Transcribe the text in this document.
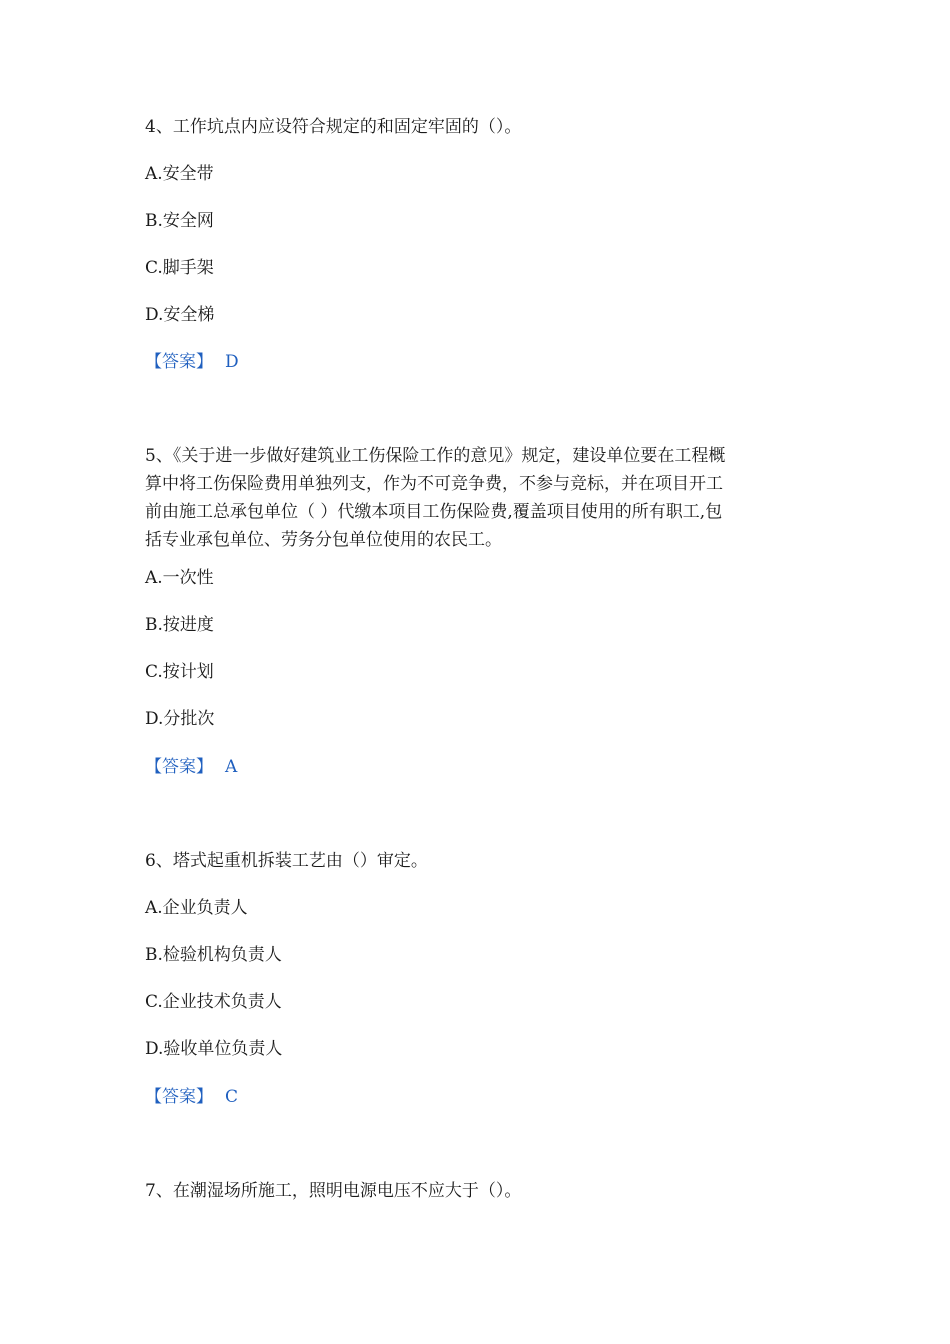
4、工作坑点内应设符合规定的和固定牢固的（）。
A.安全带
B.安全网
C.脚手架
D.安全梯
【答案】 D
5、《关于进一步做好建筑业工伤保险工作的意见》规定，建设单位要在工程概
算中将工伤保险费用单独列支，作为不可竞争费，不参与竞标，并在项目开工
前由施工总承包单位（ ）代缴本项目工伤保险费,覆盖项目使用的所有职工,包
括专业承包单位、劳务分包单位使用的农民工。
A.一次性
B.按进度
C.按计划
D.分批次
【答案】 A
6、塔式起重机拆装工艺由（）审定。
A.企业负责人
B.检验机构负责人
C.企业技术负责人
D.验收单位负责人
【答案】 C
7、在潮湿场所施工，照明电源电压不应大于（）。
